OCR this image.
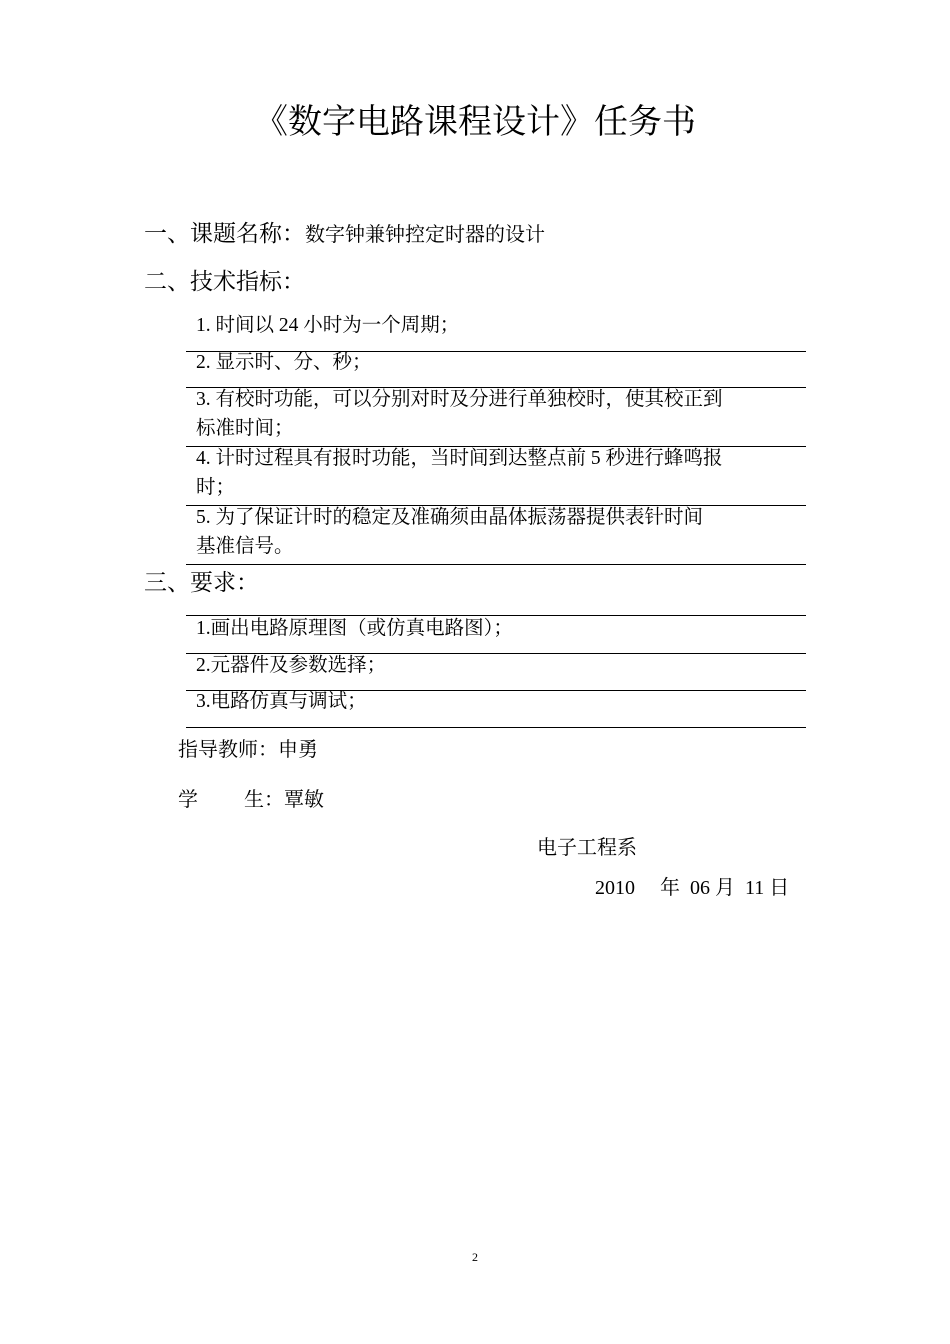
《数字电路课程设计》任务书
一、课题名称：数字钟兼钟控定时器的设计
二、技术指标：
1. 时间以 24 小时为一个周期；
2. 显示时、分、秒；
3. 有校时功能，可以分别对时及分进行单独校时，使其校正到
标准时间；
4. 计时过程具有报时功能，当时间到达整点前 5 秒进行蜂鸣报
时；
5. 为了保证计时的稳定及准确须由晶体振荡器提供表针时间
基准信号。
三、要求：
1.画出电路原理图（或仿真电路图）；
2.元器件及参数选择；
3.电路仿真与调试；
指导教师：申勇
学 生：覃敏
电子工程系
2010 年 06 月 11 日
2
